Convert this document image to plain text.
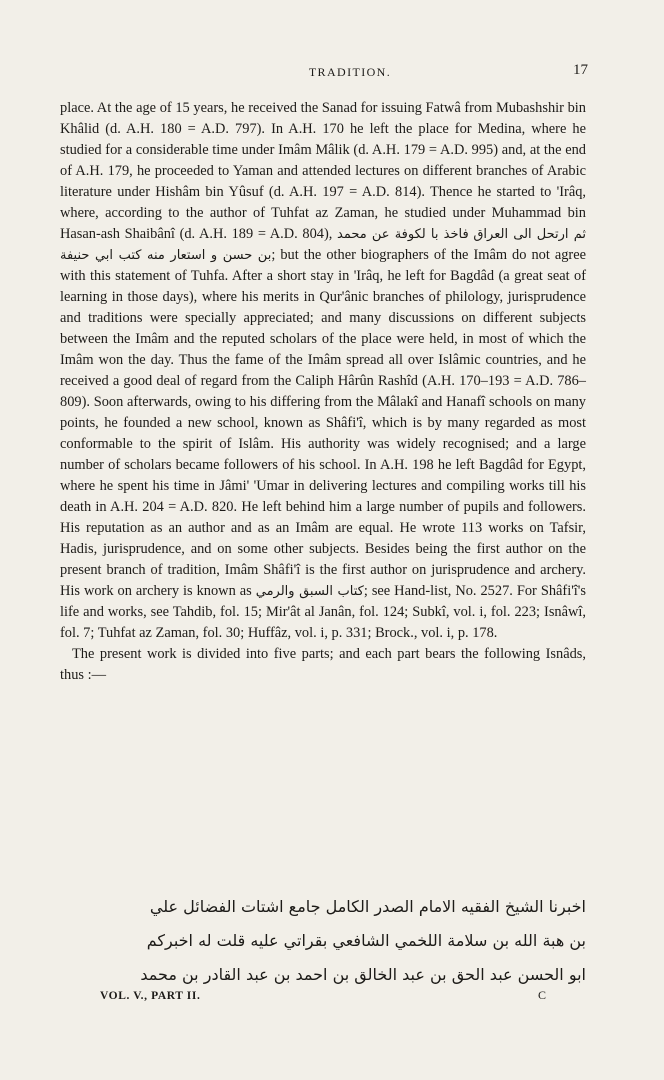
TRADITION.	17

place. At the age of 15 years, he received the Sanad for issuing Fatwâ from Mubashshir bin Khâlid (d. A.H. 180 = A.D. 797). In A.H. 170 he left the place for Medina, where he studied for a considerable time under Imâm Mâlik (d. A.H. 179 = A.D. 995) and, at the end of A.H. 179, he proceeded to Yaman and attended lectures on different branches of Arabic literature under Hishâm bin Yûsuf (d. A.H. 197 = A.D. 814). Thence he started to 'Irâq, where, according to the author of Tuhfat az Zaman, he studied under Muhammad bin Hasan-ash Shaibânî (d. A.H. 189 = A.D. 804),	ثم ارتحل الى العراق فاخذ با لكوفة عن محمد بن حسن و استعار منه كتب ابي حنيفة; but the other biographers of the Imâm do not agree with this statement of Tuhfa. After a short stay in 'Irâq, he left for Bagdâd (a great seat of learning in those days), where his merits in Qur'ânic branches of philology, jurisprudence and traditions were specially appreciated; and many discussions on different subjects between the Imâm and the reputed scholars of the place were held, in most of which the Imâm won the day. Thus the fame of the Imâm spread all over Islâmic countries, and he received a good deal of regard from the Caliph Hârûn Rashîd (A.H. 170–193 = A.D. 786–809). Soon afterwards, owing to his differing from the Mâlakî and Hanafî schools on many points, he founded a new school, known as Shâfi'î, which is by many regarded as most conformable to the spirit of Islâm. His authority was widely recognised; and a large number of scholars became followers of his school. In A.H. 198 he left Bagdâd for Egypt, where he spent his time in Jâmi' 'Umar in delivering lectures and compiling works till his death in A.H. 204 = A.D. 820. He left behind him a large number of pupils and followers. His reputation as an author and as an Imâm are equal. He wrote 113 works on Tafsir, Hadis, jurisprudence, and on some other subjects. Besides being the first author on the present branch of tradition, Imâm Shâfi'î is the first author on jurisprudence and archery. His work on archery is known as كتاب السبق والرمي; see Hand-list, No. 2527. For Shâfi'î's life and works, see Tahdib, fol. 15; Mir'ât al Janân, fol. 124; Subkî, vol. i, fol. 223; Isnâwî, fol. 7; Tuhfat az Zaman, fol. 30; Huffâz, vol. i, p. 331; Brock., vol. i, p. 178.

The present work is divided into five parts; and each part bears the following Isnâds, thus :—

اخبرنا الشيخ الفقيه الامام الصدر الكامل جامع اشتات الفضائل علي
بن هبة الله بن سلامة اللخمي الشافعي بقراتي عليه قلت له اخبركم
ابو الحسن عبد الحق بن عبد الخالق بن احمد بن عبد القادر بن محمد
VOL. V., PART II.	C
